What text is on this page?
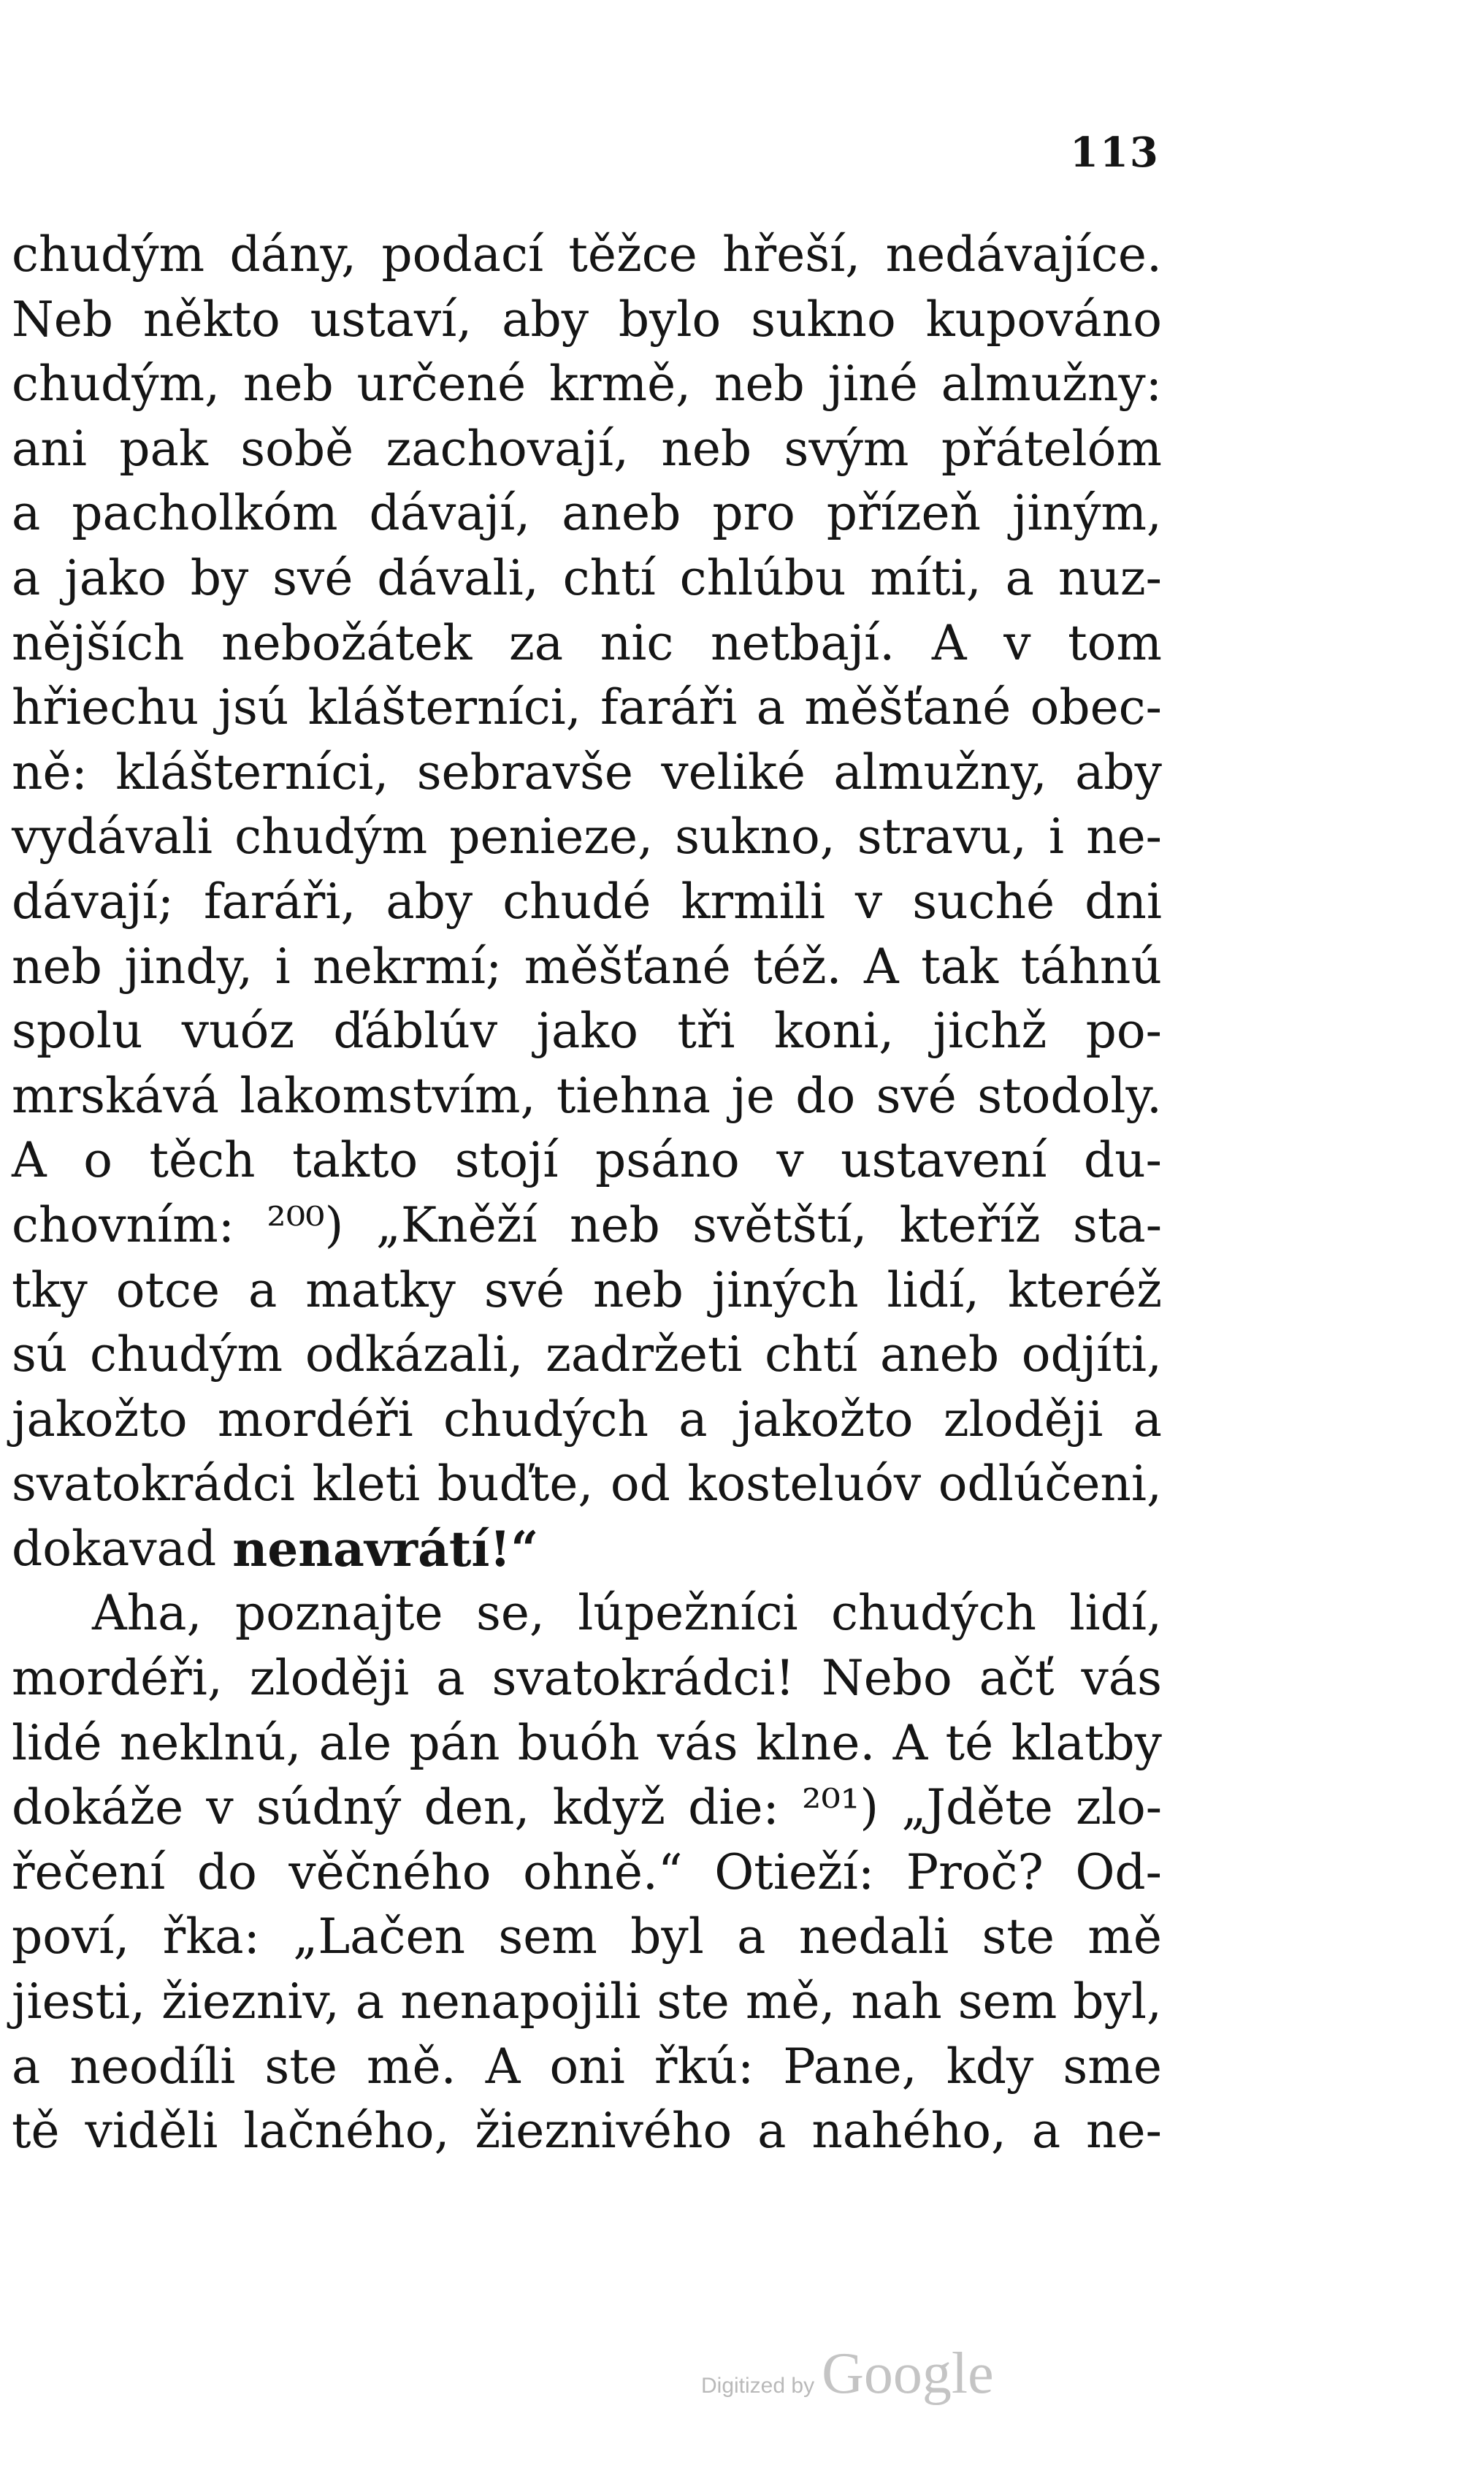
113
chudým dány, podací těžce hřeší, nedávajíce.
Neb někto ustaví, aby bylo sukno kupováno
chudým, neb určené krmě, neb jiné almužny:
ani pak sobě zachovají, neb svým přátelóm
a pacholkóm dávají, aneb pro přízeň jiným,
a jako by své dávali, chtí chlúbu míti, a nuz-
nějších nebožátek za nic netbají. A v tom
hřiechu jsú klášterníci, faráři a měšťané obec-
ně: klášterníci, sebravše veliké almužny, aby
vydávali chudým penieze, sukno, stravu, i ne-
dávají; faráři, aby chudé krmili v suché dni
neb jindy, i nekrmí; měšťané též. A tak táhnú
spolu vuóz ďáblúv jako tři koni, jichž po-
mrskává lakomstvím, tiehna je do své stodoly.
A o těch takto stojí psáno v ustavení du-
chovním: ²⁰⁰) „Kněží neb světští, kteříž sta-
tky otce a matky své neb jiných lidí, kteréž
sú chudým odkázali, zadržeti chtí aneb odjíti,
jakožto mordéři chudých a jakožto zloději a
svatokrádci kleti buďte, od kosteluóv odlúčeni,
dokavad nenavrátí!“
Aha, poznajte se, lúpežníci chudých lidí,
mordéři, zloději a svatokrádci! Nebo ačť vás
lidé neklnú, ale pán buóh vás klne. A té klatby
dokáže v súdný den, když die: ²⁰¹) „Jděte zlo-
řečení do věčného ohně.“ Otieží: Proč? Od-
poví, řka: „Lačen sem byl a nedali ste mě
jiesti, žiezniv, a nenapojili ste mě, nah sem byl,
a neodíli ste mě. A oni řkú: Pane, kdy sme
tě viděli lačného, žieznivého a nahého, a ne-
Digitized by Google
